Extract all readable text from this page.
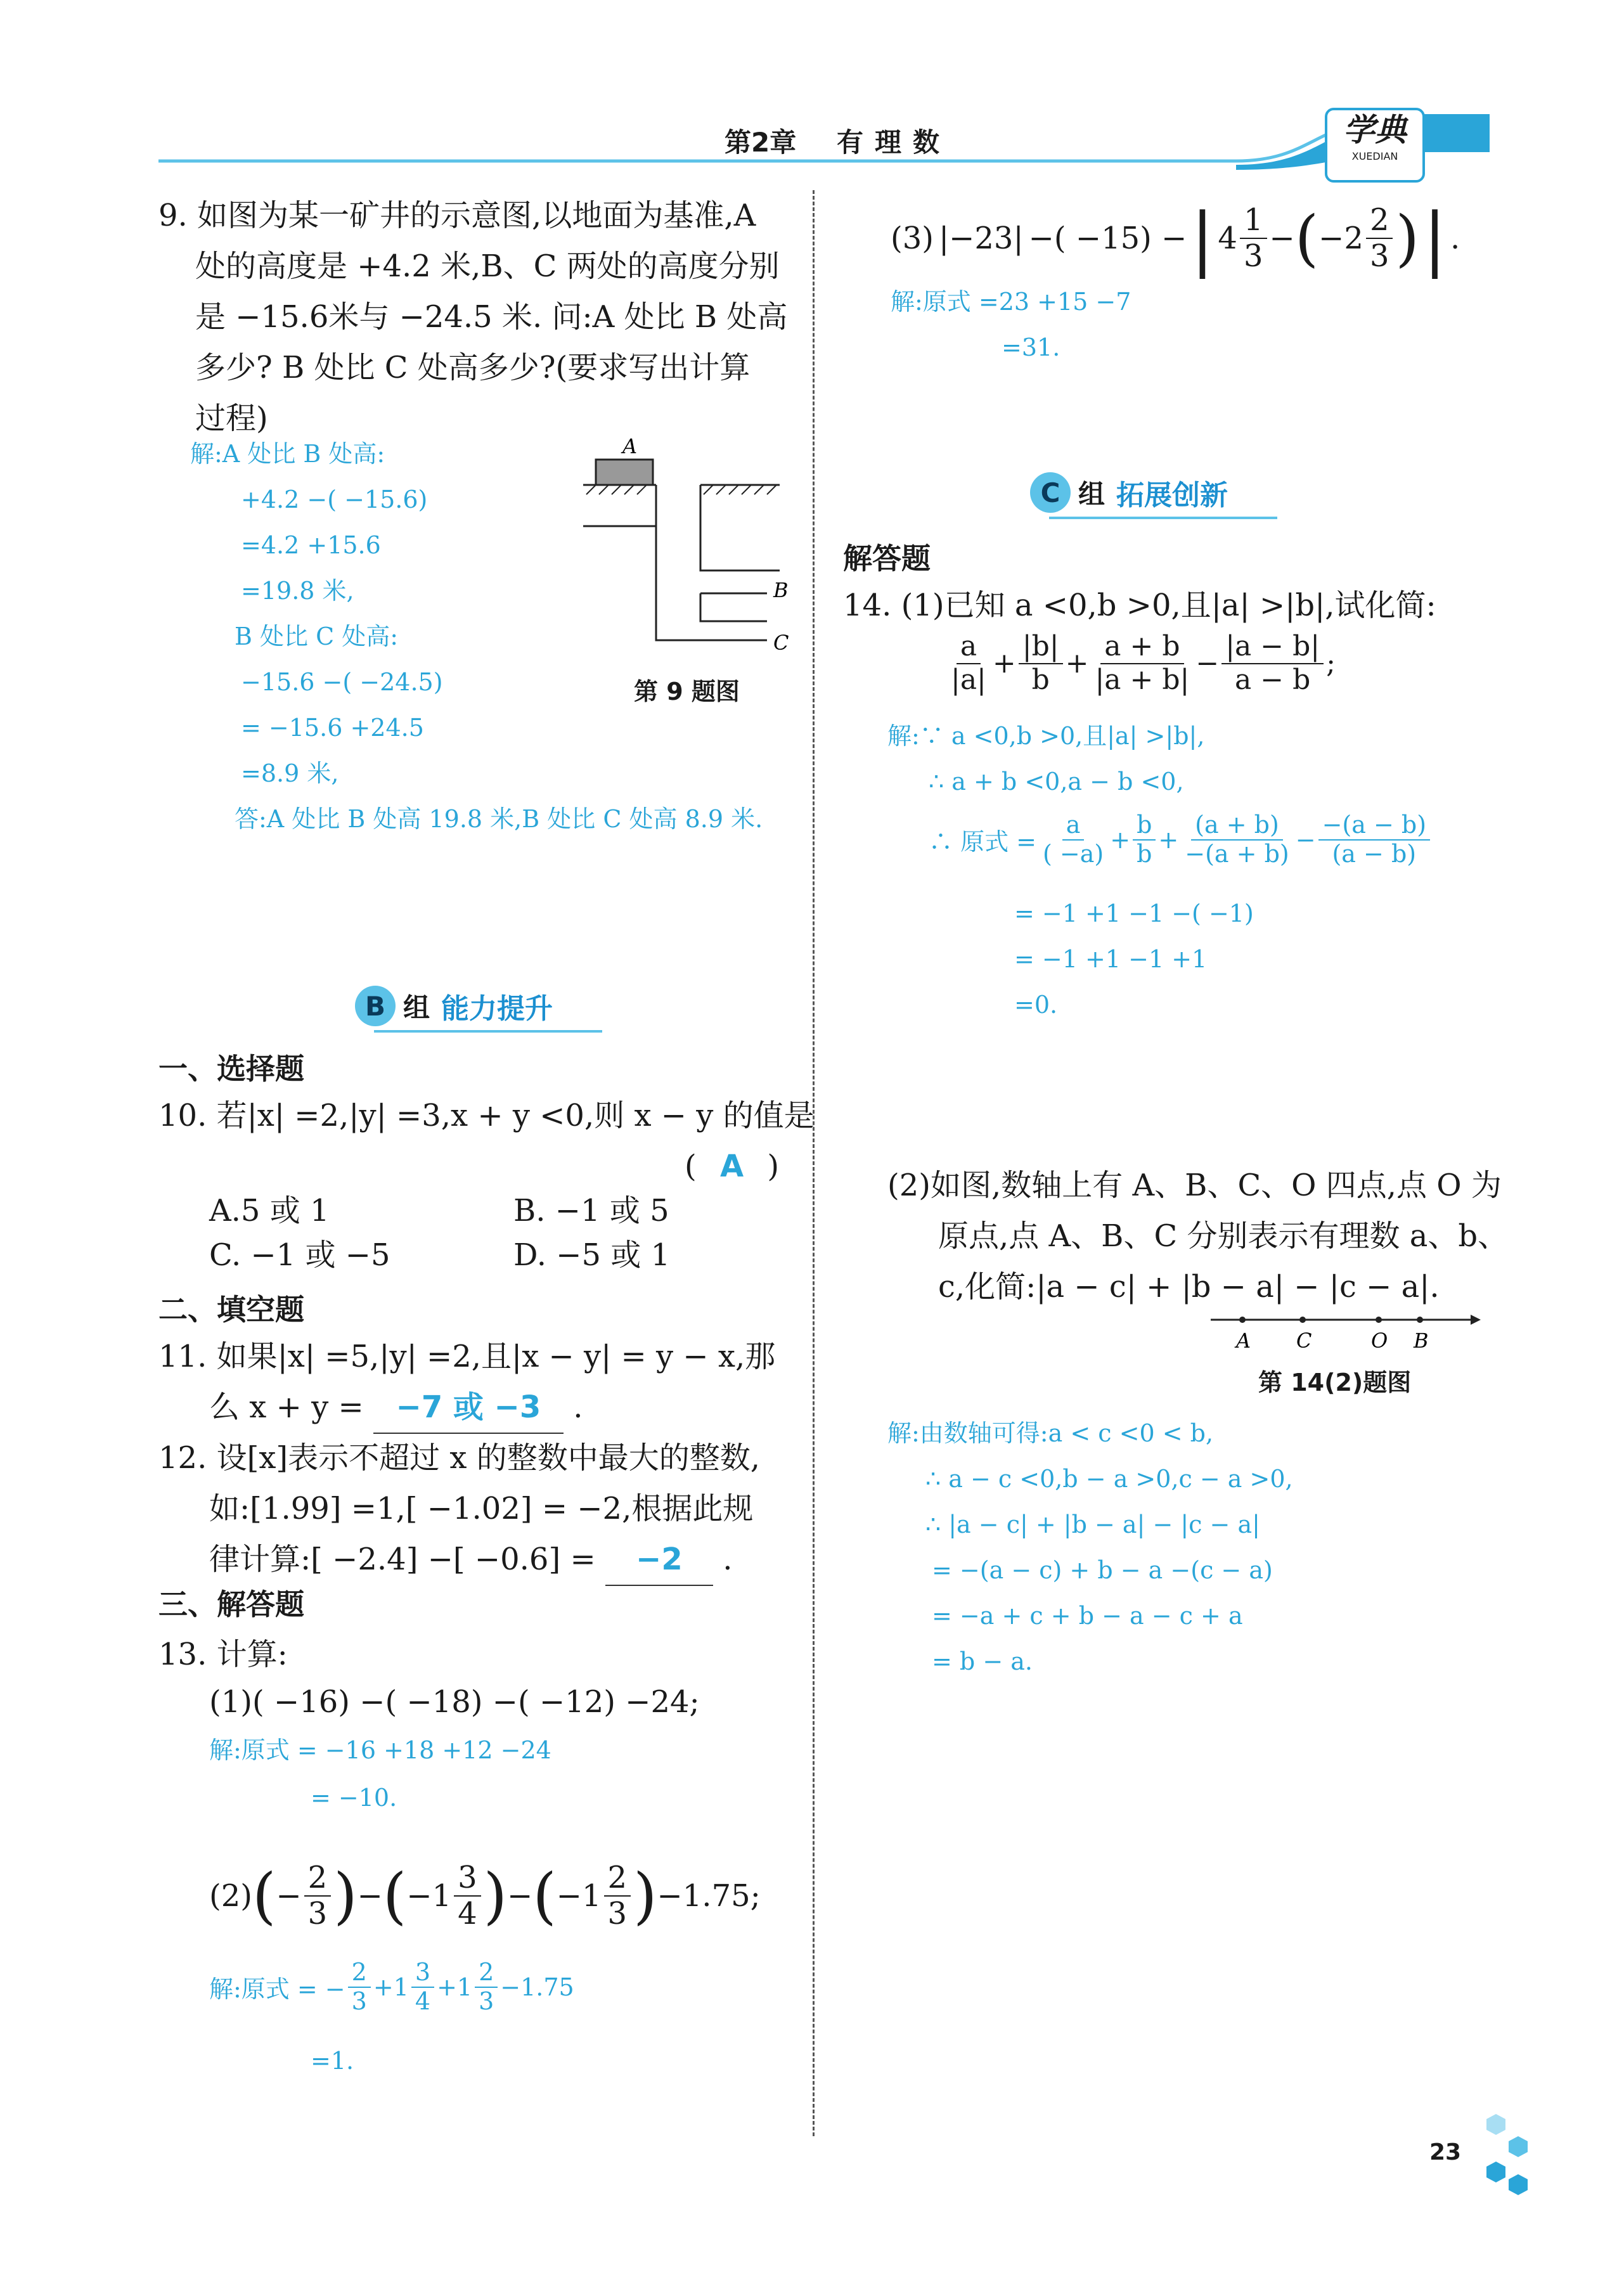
第2章 有理数	学典
XUEDIAN
9. 如图为某一矿井的示意图,以地面为基准,A
处的高度是 +4.2 米,B、C 两处的高度分别
是 −15.6米与 −24.5 米. 问:A 处比 B 处高
多少? B 处比 C 处高多少?(要求写出计算
过程)
解:A 处比 B 处高:
+4.2 −( −15.6)
=4.2 +15.6
=19.8 米,
B 处比 C 处高:
−15.6 −( −24.5)
= −15.6 +24.5
=8.9 米,
答:A 处比 B 处高 19.8 米,B 处比 C 处高 8.9 米.
A
B
C
第 9 题图
B 组 能力提升
一、选择题
10. 若|x| =2,|y| =3,x + y <0,则 x − y 的值是
( A )
A.5 或 1	B. −1 或 5
C. −1 或 −5	D. −5 或 1
二、填空题
11. 如果|x| =5,|y| =2,且|x − y| = y − x,那
么 x + y = −7 或 −3 .
12. 设[x]表示不超过 x 的整数中最大的整数,
如:[1.99] =1,[ −1.02] = −2,根据此规
律计算:[ −2.4] −[ −0.6] = −2 .
三、解答题
13. 计算:
(1)( −16) −( −18) −( −12) −24;
解:原式 = −16 +18 +12 −24
= −10.
(2) ( − $\frac{2}{3}$ ) − ( − $1 \frac{3}{4}$ ) − ( − $1 \frac{2}{3}$ ) −1.75;
解:原式 = − $\frac{2}{3} + 1 \frac{3}{4} + 1 \frac{2}{3} -1.75$
=1.
(3) |−23| −( −15) − | $4 \frac{1}{3}$ − ( − $2 \frac{2}{3}$ ) | .
解:原式 =23 +15 −7
=31.
C 组 拓展创新
解答题
14. (1)已知 a <0,b >0,且|a| >|b|,试化简:
$\frac{a}{|a|} + \frac{|b|}{b} + \frac{a + b}{|a + b|} - \frac{|a - b|}{a - b}$ ;
解:∵ a <0,b >0,且|a| >|b|,
∴ a + b <0,a − b <0,
∴ 原式 = $\frac{a}{( -a)} + \frac{b}{b} + \frac{(a + b)}{-(a + b)} - \frac{-(a - b)}{(a - b)}$
= −1 +1 −1 −( −1)
= −1 +1 −1 +1
=0.
(2)如图,数轴上有 A、B、C、O 四点,点 O 为
原点,点 A、B、C 分别表示有理数 a、b、
c,化简:|a − c| + |b − a| − |c − a|.
A C	O B
第 14(2)题图
解:由数轴可得:a < c <0 < b,
∴ a − c <0,b − a >0,c − a >0,
∴ |a − c| + |b − a| − |c − a|
= −(a − c) + b − a −(c − a)
= −a + c + b − a − c + a
= b − a.
23
